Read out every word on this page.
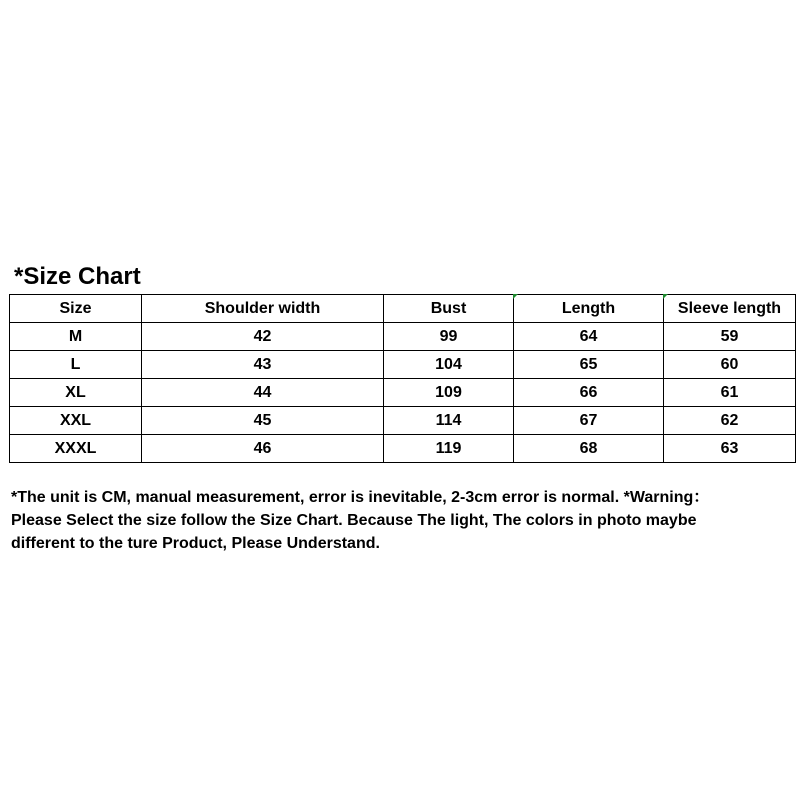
*Size Chart
Size	Shoulder width	Bust	Length	Sleeve length
M	42	99	64	59
L	43	104	65	60
XL	44	109	66	61
XXL	45	114	67	62
XXXL	46	119	68	63
*The unit is CM, manual measurement, error is inevitable, 2-3cm error is normal. *Warning：
Please Select the size follow the Size Chart. Because The light, The colors in photo maybe
different to the ture Product, Please Understand.
